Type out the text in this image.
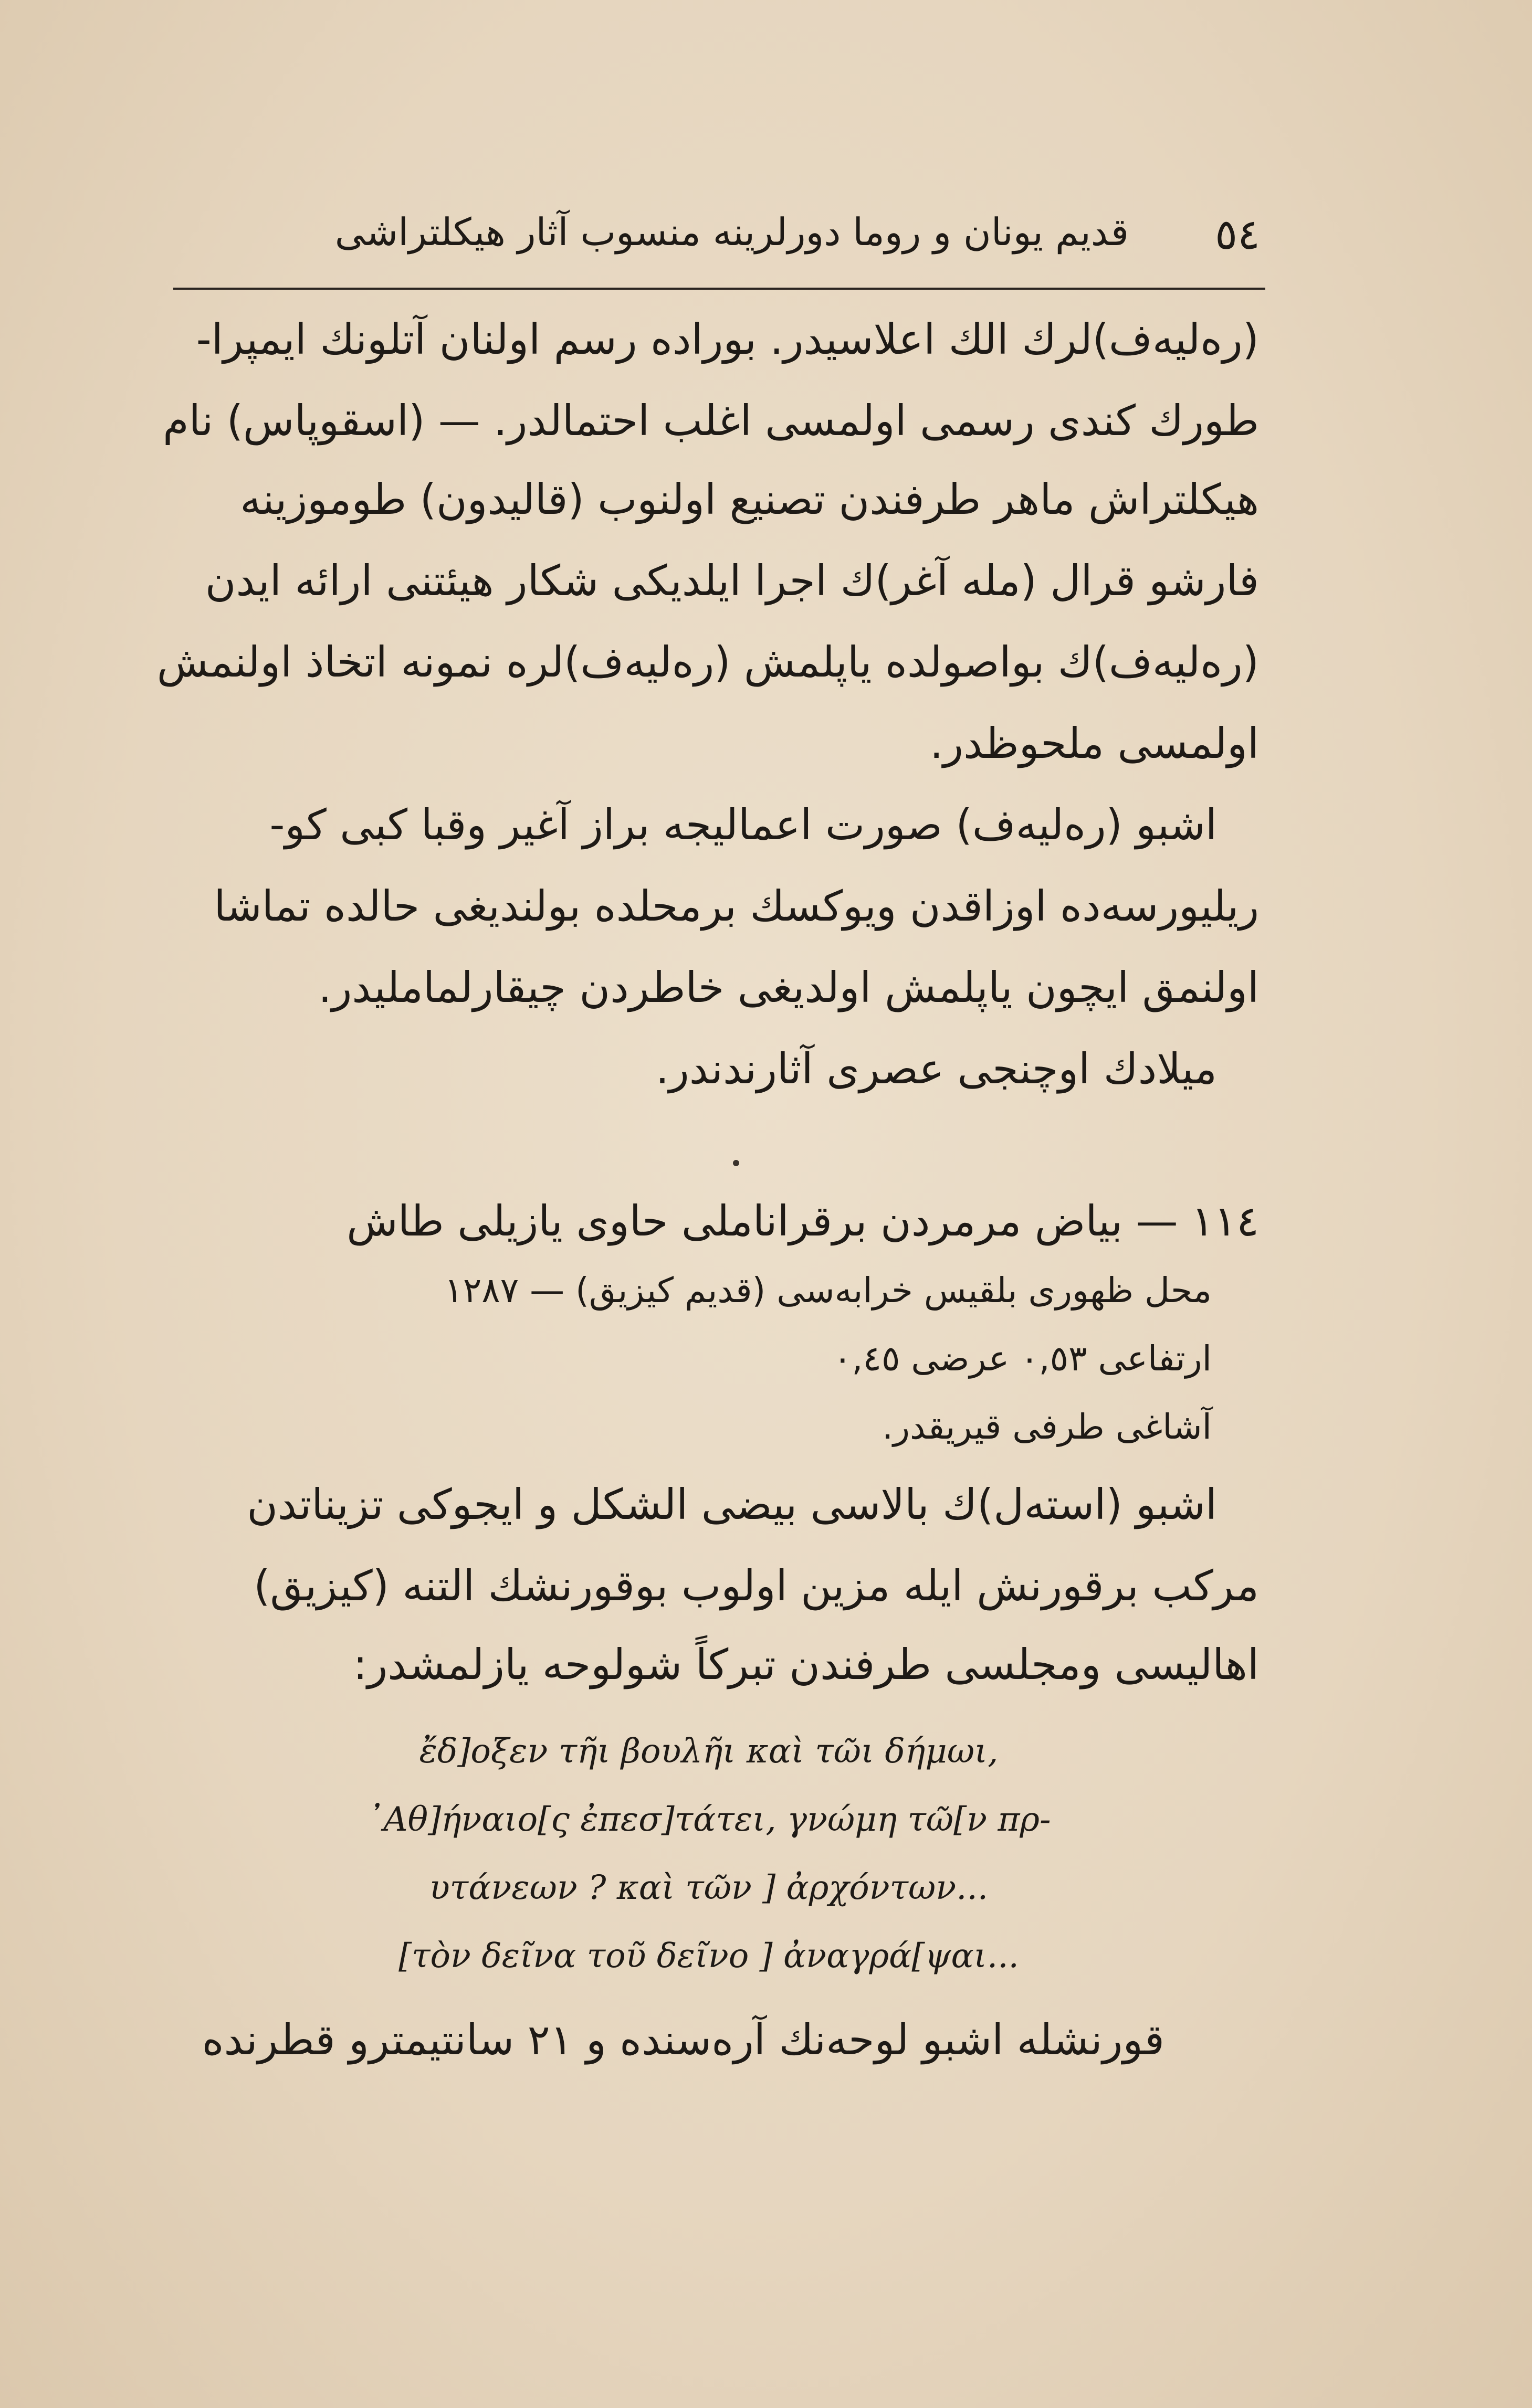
٥٤
قديم يونان و روما دورلرينه منسوب آثار هيكلتراشى
(رەليەف)لرك الك اعلاسيدر. بوراده رسم اولنان آتلونك ايمپرا-
طورك كندى رسمى اولمسى اغلب احتمالدر. — (اسقوپاس) نام
هيكلتراش ماهر طرفندن تصنيع اولنوب (قاليدون) طوموزينه
فارشو قرال (مله آغر)ك اجرا ايلديكى شكار هيئتنى ارائه ايدن
(رەليەف)ك بواصولده ياپلمش (رەليەف)لره نمونه اتخاذ اولنمش
اولمسى ملحوظدر.
اشبو (رەليەف) صورت اعماليجه براز آغير وقبا كبى كو-
ريليورسەده اوزاقدن ويوكسك برمحلده بولنديغى حالده تماشا
اولنمق ايچون ياپلمش اولديغى خاطردن چيقارلماملیدر.
ميلادك اوچنجى عصرى آثارندندر.
١١٤ — بياض مرمردن برقراناملى حاوى يازيلى طاش
محل ظهورى بلقيس خرابه‌سى (قديم كيزيق) — ١٢٨٧
ارتفاعى ٠,٥٣ عرضى ٠,٤٥
آشاغى طرفى قيريقدر.
اشبو (استەل)ك بالاسى بيضى الشكل و ايجوكى تزيناتدن
مركب برقورنش ايله مزين اولوب بوقورنشك التنه (كيزيق)
اهاليسى ومجلسى طرفندن تبركاً شولوحه يازلمشدر:
ἔδ]οξεν τῆι βουλῆι καὶ τῶι δήμωι,
᾽Αθ]ήναιο[ς ἐπεσ]τάτει, γνώμη τῶ[ν πρ-
υτάνεων ? καὶ τῶν ] ἀρχόντων...
[τὸν δεῖνα τοῦ δεῖνο ] ἀναγρά[ψαι...
قورنشله اشبو لوحه‌نك آره‌سنده و ٢١ سانتيمترو قطرنده
